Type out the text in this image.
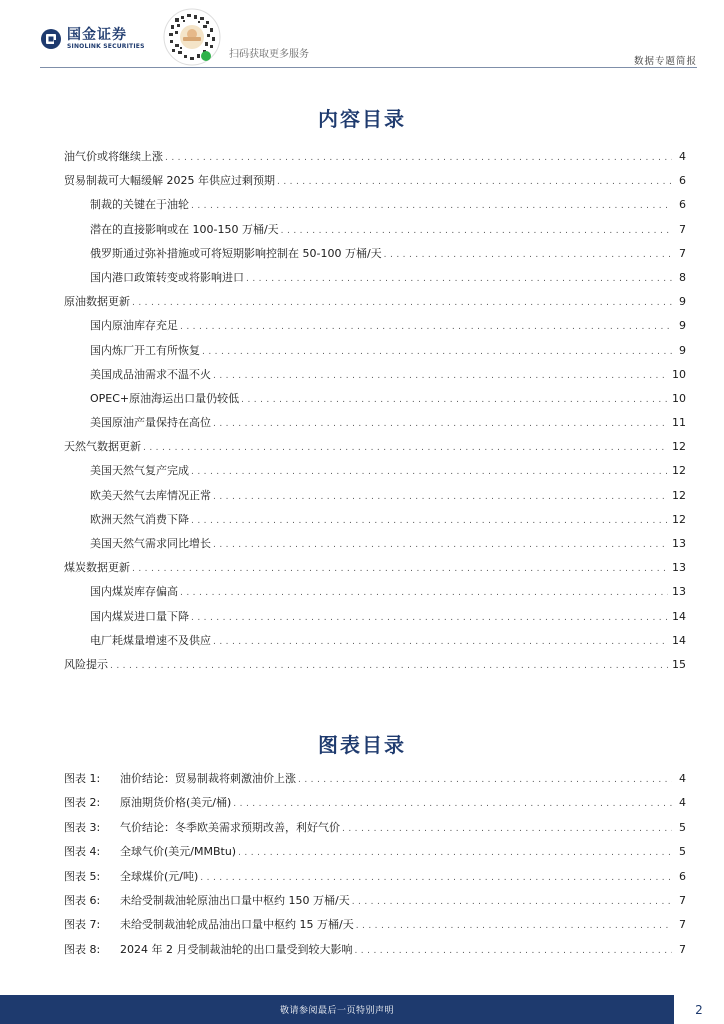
国金证券
SINOLINK SECURITIES
扫码获取更多服务
数据专题简报
内容目录
油气价或将继续上涨 . . .	4
贸易制裁可大幅缓解 2025 年供应过剩预期 . . .	6
制裁的关键在于油轮 . . .	6
潜在的直接影响或在 100-150 万桶/天 . . .	7
俄罗斯通过弥补措施或可将短期影响控制在 50-100 万桶/天 . . .	7
国内港口政策转变或将影响进口 . . .	8
原油数据更新 . . .	9
国内原油库存充足 . . .	9
国内炼厂开工有所恢复 . . .	9
美国成品油需求不温不火 . . .	10
OPEC+原油海运出口量仍较低 . . .	10
美国原油产量保持在高位 . . .	11
天然气数据更新 . . .	12
美国天然气复产完成 . . .	12
欧美天然气去库情况正常 . . .	12
欧洲天然气消费下降 . . .	12
美国天然气需求同比增长 . . .	13
煤炭数据更新 . . .	13
国内煤炭库存偏高 . . .	13
国内煤炭进口量下降 . . .	14
电厂耗煤量增速不及供应 . . .	14
风险提示 . . .	15
图表目录
图表 1:	油价结论：贸易制裁将刺激油价上涨 . . .	4
图表 2:	原油期货价格(美元/桶) . . .	4
图表 3:	气价结论：冬季欧美需求预期改善，利好气价 . . .	5
图表 4:	全球气价(美元/MMBtu) . . .	5
图表 5:	全球煤价(元/吨) . . .	6
图表 6:	未给受制裁油轮原油出口量中枢约 150 万桶/天 . . .	7
图表 7:	未给受制裁油轮成品油出口量中枢约 15 万桶/天 . . .	7
图表 8:	2024 年 2 月受制裁油轮的出口量受到较大影响 . . .	7
敬请参阅最后一页特别声明	2
